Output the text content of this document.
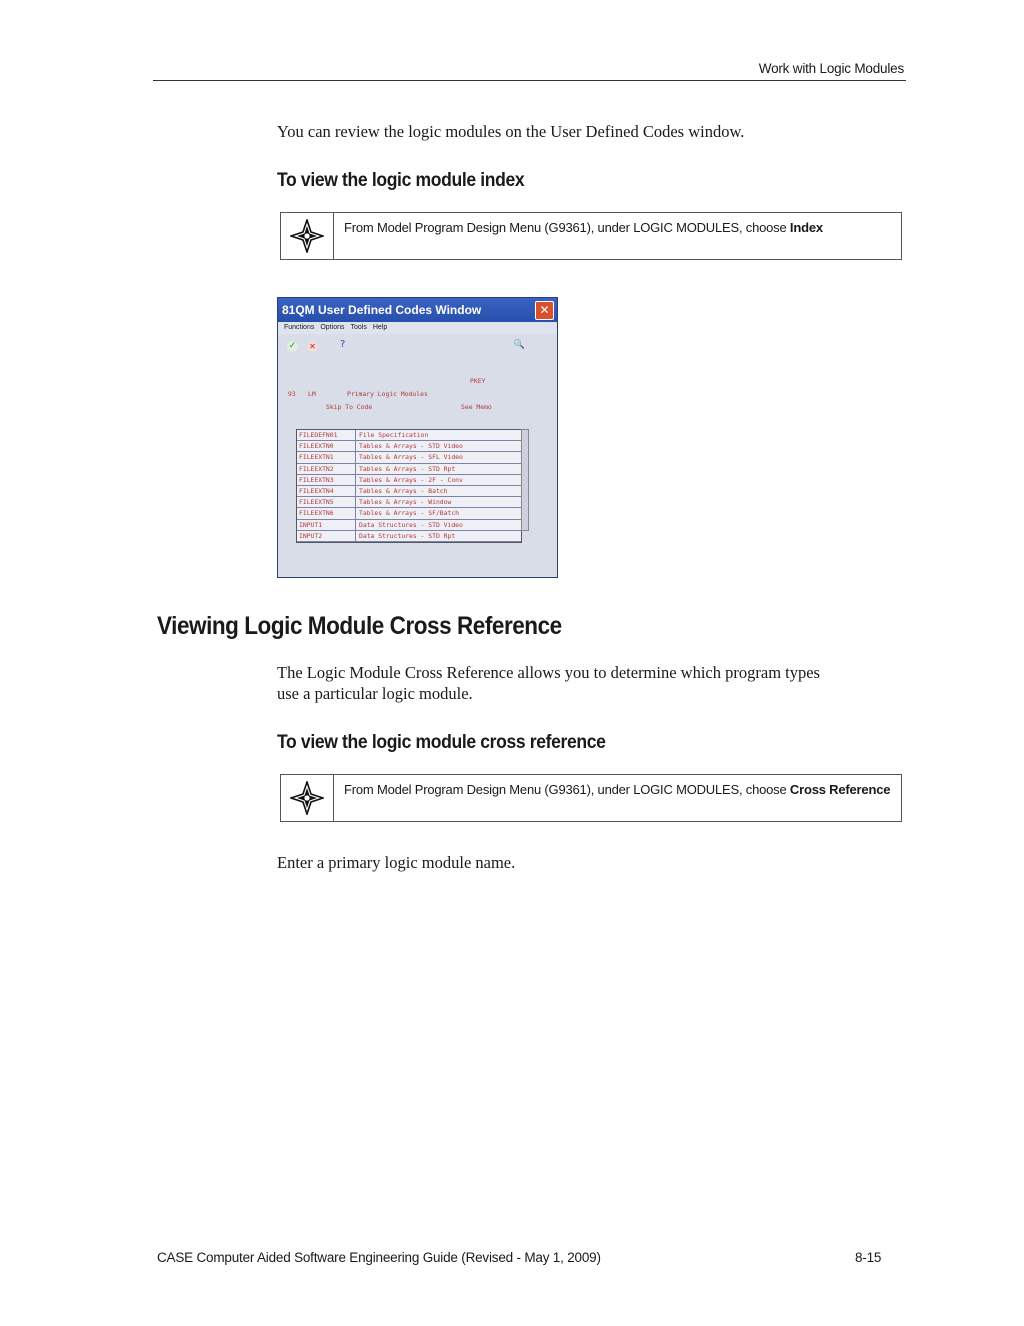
Work with Logic Modules
You can review the logic modules on the User Defined Codes window.
To view the logic module index
From Model Program Design Menu (G9361), under LOGIC MODULES, choose Index
81QM User Defined Codes Window	✕
Functions Options Tools Help
✓ ✕ ?	🔍
PKEY
93 LM	Primary Logic Modules
Skip To Code	See Memo
FILEDEFN01	File Specification
FILEEXTN0	Tables & Arrays - STD Video
FILEEXTN1	Tables & Arrays - SFL Video
FILEEXTN2	Tables & Arrays - STD Rpt
FILEEXTN3	Tables & Arrays - 2F - Conv
FILEEXTN4	Tables & Arrays - Batch
FILEEXTN5	Tables & Arrays - Window
FILEEXTN6	Tables & Arrays - SF/Batch
INPUT1	Data Structures - STD Video
INPUT2	Data Structures - STD Rpt
Viewing Logic Module Cross Reference
The Logic Module Cross Reference allows you to determine which program types
use a particular logic module.
To view the logic module cross reference
From Model Program Design Menu (G9361), under LOGIC MODULES, choose Cross Reference
Enter a primary logic module name.
CASE Computer Aided Software Engineering Guide (Revised - May 1, 2009)	8-15
